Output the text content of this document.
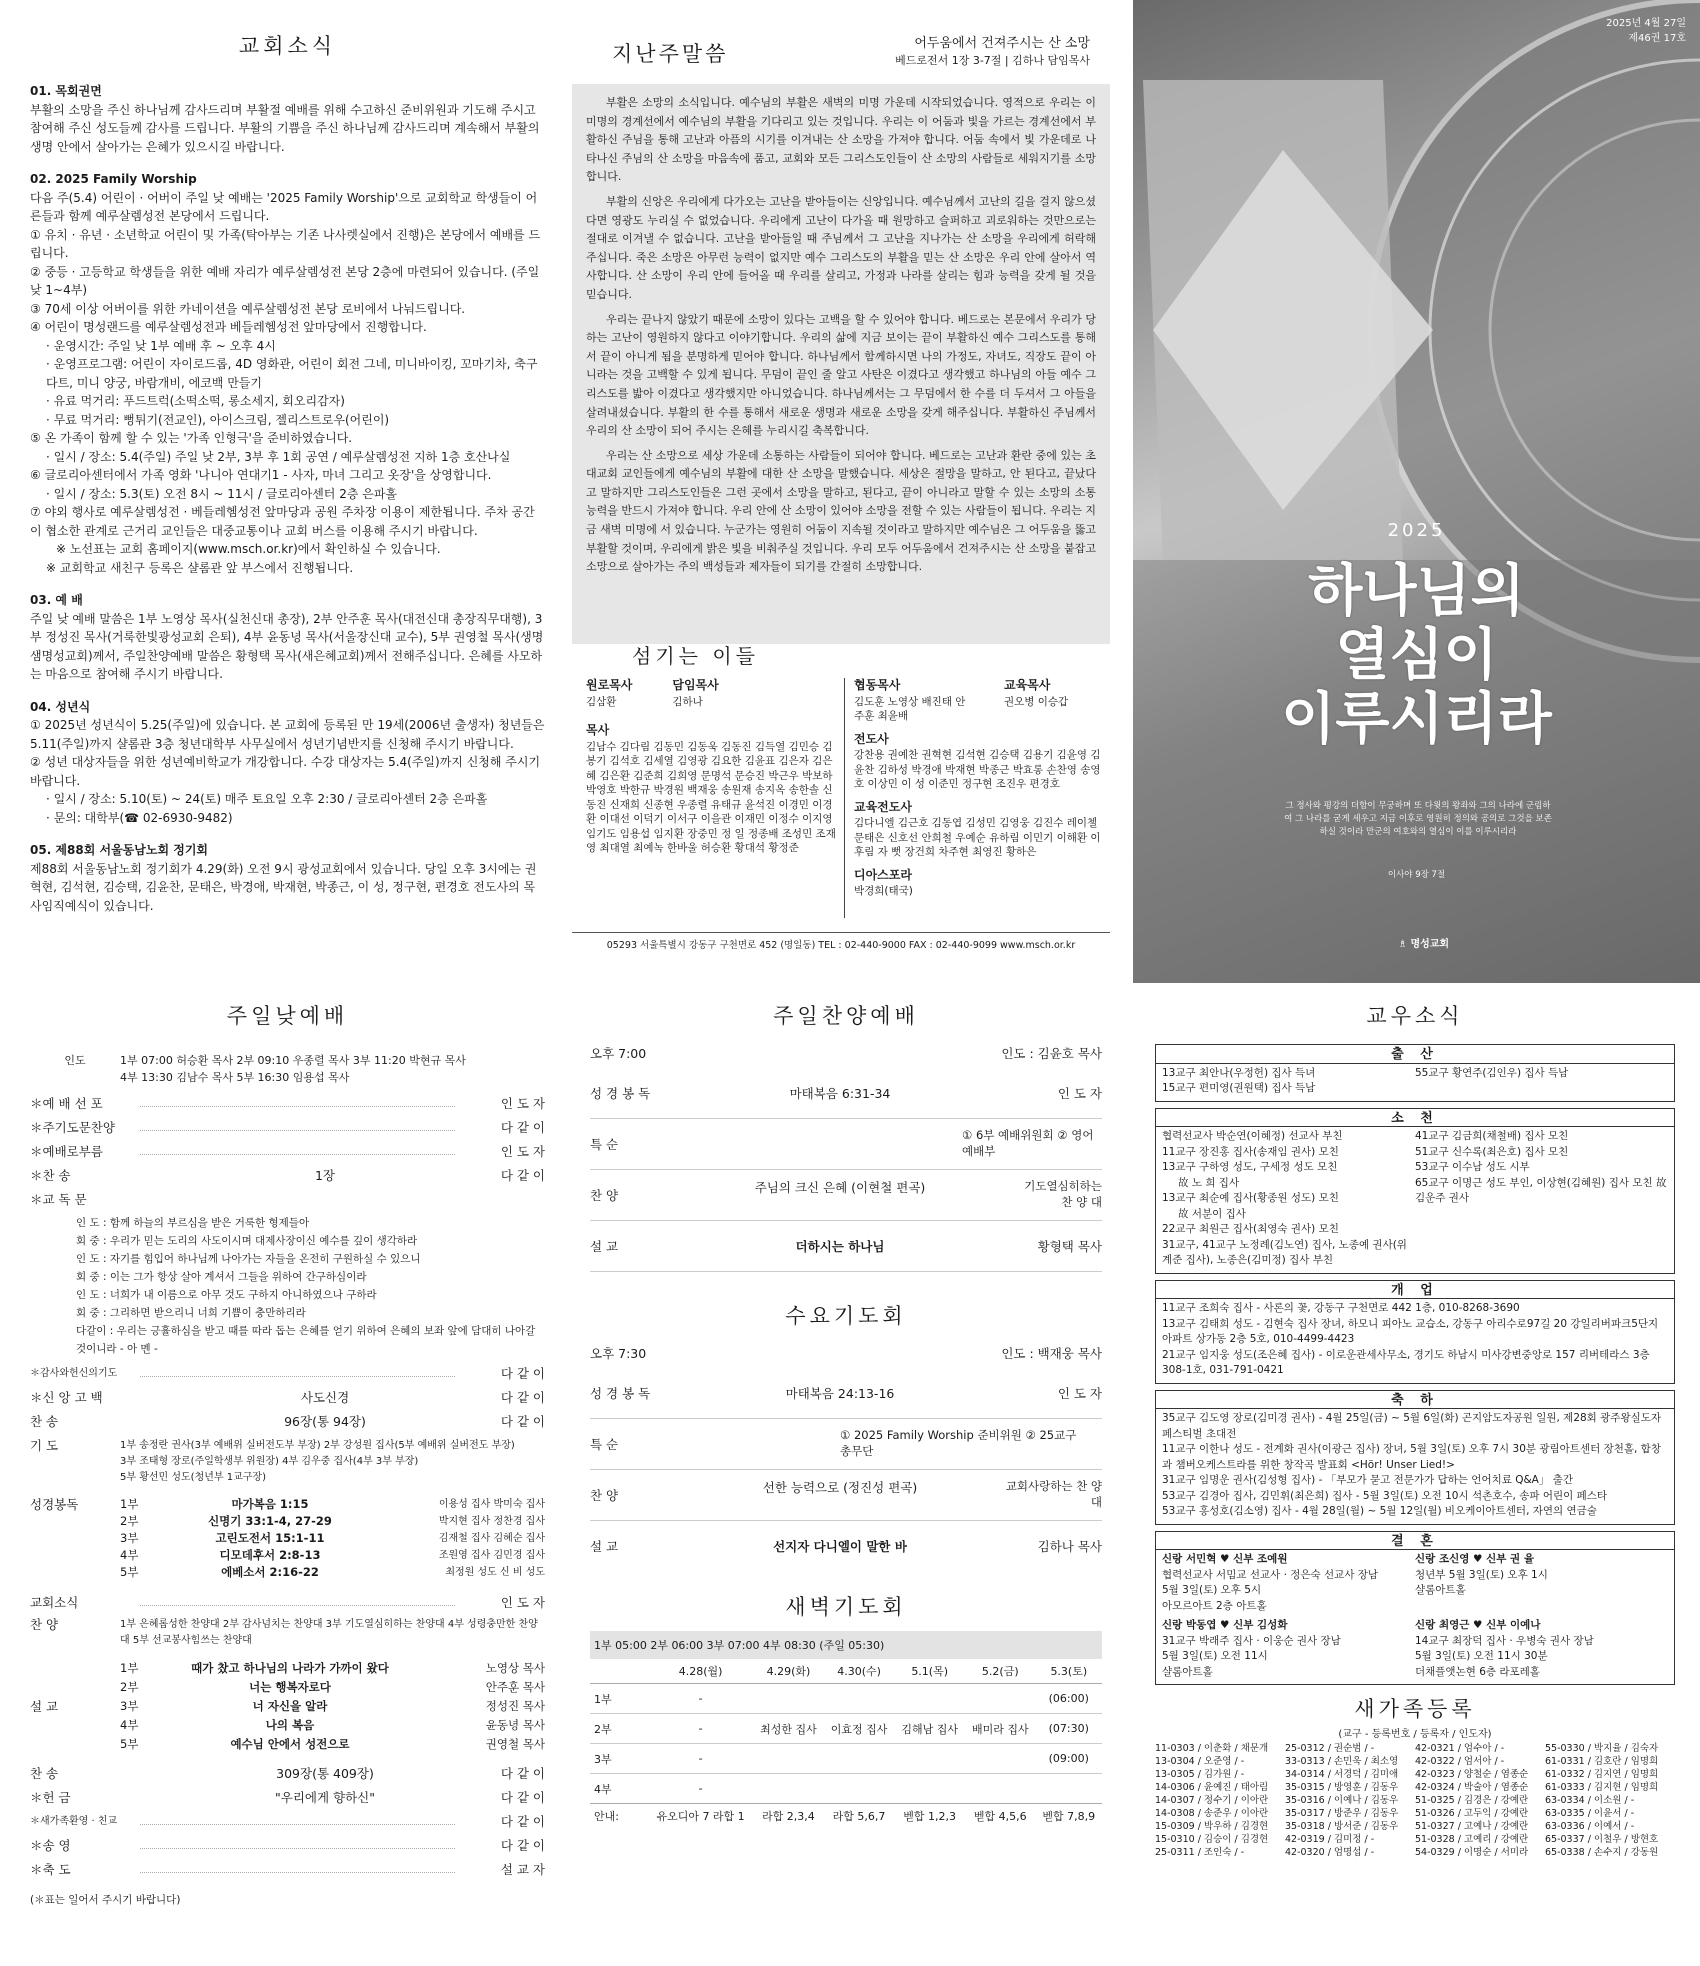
교회소식
01. 목회권면
부활의 소망을 주신 하나님께 감사드리며 부활절 예배를 위해 수고하신 준비위원과 기도해 주시고 참여해 주신 성도들께 감사를 드립니다. 부활의 기쁨을 주신 하나님께 감사드리며 계속해서 부활의 생명 안에서 살아가는 은혜가 있으시길 바랍니다.
02. 2025 Family Worship
다음 주(5.4) 어린이 · 어버이 주일 낮 예배는 '2025 Family Worship'으로 교회학교 학생들이 어른들과 함께 예루살렘성전 본당에서 드립니다.
① 유치 · 유년 · 소년학교 어린이 및 가족(탁아부는 기존 나사렛실에서 진행)은 본당에서 예배를 드립니다.
② 중등 · 고등학교 학생들을 위한 예배 자리가 예루살렘성전 본당 2층에 마련되어 있습니다. (주일 낮 1~4부)
③ 70세 이상 어버이를 위한 카네이션을 예루살렘성전 본당 로비에서 나눠드립니다.
④ 어린이 명성랜드를 예루살렘성전과 베들레헴성전 앞마당에서 진행합니다.
· 운영시간: 주일 낮 1부 예배 후 ~ 오후 4시
· 운영프로그램: 어린이 자이로드롭, 4D 영화관, 어린이 회전 그네, 미니바이킹, 꼬마기차, 축구다트, 미니 양궁, 바람개비, 에코백 만들기
· 유료 먹거리: 푸드트럭(소떡소떡, 롱소세지, 회오리감자)
· 무료 먹거리: 뻥튀기(전교인), 아이스크림, 젤리스트로우(어린이)
⑤ 온 가족이 함께 할 수 있는 '가족 인형극'을 준비하였습니다.
· 일시 / 장소: 5.4(주일) 주일 낮 2부, 3부 후 1회 공연 / 예루살렘성전 지하 1층 호산나실
⑥ 글로리아센터에서 가족 영화 '나니아 연대기1 - 사자, 마녀 그리고 옷장'을 상영합니다.
· 일시 / 장소: 5.3(토) 오전 8시 ~ 11시 / 글로리아센터 2층 은파홀
⑦ 야외 행사로 예루살렘성전 · 베들레헴성전 앞마당과 공원 주차장 이용이 제한됩니다. 주차 공간이 협소한 관계로 근거리 교인들은 대중교통이나 교회 버스를 이용해 주시기 바랍니다.
※ 노선표는 교회 홈페이지(www.msch.or.kr)에서 확인하실 수 있습니다.
※ 교회학교 새친구 등록은 샬롬관 앞 부스에서 진행됩니다.
03. 예 배
주일 낮 예배 말씀은 1부 노영상 목사(실천신대 총장), 2부 안주훈 목사(대전신대 총장직무대행), 3부 정성진 목사(거룩한빛광성교회 은퇴), 4부 윤동녕 목사(서울장신대 교수), 5부 권영철 목사(생명샘명성교회)께서, 주일찬양예배 말씀은 황형택 목사(새은혜교회)께서 전해주십니다. 은혜를 사모하는 마음으로 참여해 주시기 바랍니다.
04. 성년식
① 2025년 성년식이 5.25(주일)에 있습니다. 본 교회에 등록된 만 19세(2006년 출생자) 청년들은 5.11(주일)까지 샬롬관 3층 청년대학부 사무실에서 성년기념반지를 신청해 주시기 바랍니다.
② 성년 대상자들을 위한 성년예비학교가 개강합니다. 수강 대상자는 5.4(주일)까지 신청해 주시기 바랍니다.
· 일시 / 장소: 5.10(토) ~ 24(토) 매주 토요일 오후 2:30 / 글로리아센터 2층 은파홀
· 문의: 대학부(☎ 02-6930-9482)
05. 제88회 서울동남노회 정기회
제88회 서울동남노회 정기회가 4.29(화) 오전 9시 광성교회에서 있습니다. 당일 오후 3시에는 권혁현, 김석현, 김승택, 김윤찬, 문태은, 박경애, 박재현, 박종근, 이 성, 정구현, 편경호 전도사의 목사임직예식이 있습니다.
지난주말씀	어두움에서 건져주시는 산 소망
베드로전서 1장 3-7절 | 김하나 담임목사

부활은 소망의 소식입니다. 예수님의 부활은 새벽의 미명 가운데 시작되었습니다. 영적으로 우리는 이 미명의 경계선에서 예수님의 부활을 기다리고 있는 것입니다. 우리는 이 어둠과 빛을 가르는 경계선에서 부활하신 주님을 통해 고난과 아픔의 시기를 이겨내는 산 소망을 가져야 합니다. 어둠 속에서 빛 가운데로 나타나신 주님의 산 소망을 마음속에 품고, 교회와 모든 그리스도인들이 산 소망의 사람들로 세워지기를 소망합니다.

부활의 신앙은 우리에게 다가오는 고난을 받아들이는 신앙입니다. 예수님께서 고난의 길을 걸지 않으셨다면 영광도 누리실 수 없었습니다. 우리에게 고난이 다가올 때 원망하고 슬퍼하고 괴로워하는 것만으로는 절대로 이겨낼 수 없습니다. 고난을 받아들일 때 주님께서 그 고난을 지나가는 산 소망을 우리에게 허락해 주십니다. 죽은 소망은 아무런 능력이 없지만 예수 그리스도의 부활을 믿는 산 소망은 우리 안에 살아서 역사합니다. 산 소망이 우리 안에 들어올 때 우리를 살리고, 가정과 나라를 살리는 힘과 능력을 갖게 될 것을 믿습니다.

우리는 끝나지 않았기 때문에 소망이 있다는 고백을 할 수 있어야 합니다. 베드로는 본문에서 우리가 당하는 고난이 영원하지 않다고 이야기합니다. 우리의 삶에 지금 보이는 끝이 부활하신 예수 그리스도를 통해서 끝이 아니게 됨을 분명하게 믿어야 합니다. 하나님께서 함께하시면 나의 가정도, 자녀도, 직장도 끝이 아니라는 것을 고백할 수 있게 됩니다. 무덤이 끝인 줄 알고 사탄은 이겼다고 생각했고 하나님의 아들 예수 그리스도를 밟아 이겼다고 생각했지만 아니었습니다. 하나님께서는 그 무덤에서 한 수를 더 두셔서 그 아들을 살려내셨습니다. 부활의 한 수를 통해서 새로운 생명과 새로운 소망을 갖게 해주십니다. 부활하신 주님께서 우리의 산 소망이 되어 주시는 은혜를 누리시길 축복합니다.

우리는 산 소망으로 세상 가운데 소통하는 사람들이 되어야 합니다. 베드로는 고난과 환란 중에 있는 초대교회 교인들에게 예수님의 부활에 대한 산 소망을 말했습니다. 세상은 절망을 말하고, 안 된다고, 끝났다고 말하지만 그리스도인들은 그런 곳에서 소망을 말하고, 된다고, 끝이 아니라고 말할 수 있는 소망의 소통 능력을 반드시 가져야 합니다. 우리 안에 산 소망이 있어야 소망을 전할 수 있는 사람들이 됩니다. 우리는 지금 새벽 미명에 서 있습니다. 누군가는 영원히 어둠이 지속될 것이라고 말하지만 예수님은 그 어두움을 뚫고 부활할 것이며, 우리에게 밝은 빛을 비춰주실 것입니다. 우리 모두 어두움에서 건져주시는 산 소망을 붙잡고 소망으로 살아가는 주의 백성들과 제자들이 되기를 간절히 소망합니다.

섬기는 이들
원로목사
김삼환
담임목사
김하나
목사
김남수 김다림 김동민 김동욱 김동진 김득열 김민승 김봉기 김석호 김세열 김영광 김요한 김윤표 김은자 김은혜 김은환 김준희 김희영 문명석 문승진 박근우 박보하 박영호 박한규 박경원 백재웅 송원재 송지옥 송한솔 신동진 신재희 신종현 우종렬 유태규 윤석진 이경민 이경환 이대선 이덕기 이서구 이을관 이재민 이정수 이지영 임기도 임용섭 임지환 장중민 정 일 정종배 조성민 조재영 최대열 최예녹 한바울 허승환 황대석 황정준
협동목사
김도훈 노영상 배진태 안주훈 최윤배
교육목사
권오병 이승갑
전도사
강찬용 권예찬 권혁현 김석현 김승택 김용기 김윤영 김윤찬 김하성 박경애 박재현 박종근 박효롱 손찬영 송영호 이상민 이 성 이준민 정구현 조진우 편경호
교육전도사
김다니엘 김근호 김동엽 김성민 김영웅 김진수 레이첼 문태은 신호선 안희철 우예순 유하림 이민기 이해환 이후림 자 뻣 장건희 차주현 최영진 황하은
디아스포라
박경희(태국)
05293 서울특별시 강동구 구천면로 452 (명일동) TEL : 02-440-9000 FAX : 02-440-9099 www.msch.or.kr
2025년 4월 27일 제46권 17호
2025
하나님의
열심이
이루시리라
그 정사와 평강의 더함이 무궁하며 또 다윗의 왕좌와 그의 나라에 군림하여 그 나라를 굳게 세우고 지금 이후로 영원히 정의와 공의로 그것을 보존하실 것이라 만군의 여호와의 열심이 이를 이루시리라
이사야 9장 7절
♗ 명성교회
주일낮예배
인도	1부 07:00 허승환 목사 2부 09:10 우종렬 목사 3부 11:20 박현규 목사
4부 13:30 김남수 목사 5부 16:30 임용섭 목사
＊예 배 선 포	인 도 자
＊주기도문찬양	다 같 이
＊예배로부름	인 도 자
＊찬 송	1장	다 같 이
＊교 독 문
인 도 : 함께 하늘의 부르심을 받은 거룩한 형제들아
회 중 : 우리가 믿는 도리의 사도이시며 대제사장이신 예수를 깊이 생각하라
인 도 : 자기를 힘입어 하나님께 나아가는 자들을 온전히 구원하실 수 있으니
회 중 : 이는 그가 항상 살아 계셔서 그들을 위하여 간구하심이라
인 도 : 너희가 내 이름으로 아무 것도 구하지 아니하였으나 구하라
회 중 : 그리하면 받으리니 너희 기쁨이 충만하리라
다같이 : 우리는 긍휼하심을 받고 때를 따라 돕는 은혜를 얻기 위하여 은혜의 보좌 앞에 담대히 나아갈 것이니라 - 아 멘 -
＊감사와헌신의기도	다 같 이
＊신 앙 고 백	사도신경	다 같 이
찬 송	96장(통 94장)	다 같 이
기 도	1부 송정란 권사(3부 예배위 실버전도부 부장) 2부 강성원 집사(5부 예배위 실버전도 부장)
3부 조태형 장로(주일학생부 위원장) 4부 김우중 집사(4부 3부 부장)
5부 황선민 성도(청년부 1교구장)
성경봉독	1부	마가복음 1:15	이용성 집사 박미숙 집사
2부	신명기 33:1-4, 27-29	박지현 집사 정찬경 집사
3부	고린도전서 15:1-11	김재철 집사 김혜순 집사
4부	디모데후서 2:8-13	조원영 집사 김민경 집사
5부	에베소서 2:16-22	최정원 성도 신 비 성도
교회소식	인 도 자
찬 양	1부 은혜롭성한 찬양대 2부 감사넘치는 찬양대 3부 기도열심히하는 찬양대 4부 성령충만한 찬양대 5부 선교봉사힘쓰는 찬양대
설 교
1부	때가 찼고 하나님의 나라가 가까이 왔다	노영상 목사
2부	너는 행복자로다	안주훈 목사
3부	너 자신을 알라	정성진 목사
4부	나의 복음	윤동녕 목사
5부	예수님 안에서 성전으로	권영철 목사
찬 송	309장(통 409장)	다 같 이
＊헌 금	"우리에게 향하신"	다 같 이
＊새가족환영 · 친교	다 같 이
＊송 영	다 같 이
＊축 도	설 교 자
(＊표는 일어서 주시기 바랍니다)
주일찬양예배
오후 7:00	인도 : 김윤호 목사
성 경 봉 독	마태복음 6:31-34	인 도 자
특 순
① 6부 예배위원회 ② 영어예배부
찬 양
주님의 크신 은혜 (이현철 편곡)	기도열심히하는 찬 양 대
설 교	더하시는 하나님	황형택 목사
수요기도회
오후 7:30	인도 : 백재웅 목사
성 경 봉 독	마태복음 24:13-16	인 도 자
특 순
① 2025 Family Worship 준비위원 ② 25교구 총무단
찬 양
선한 능력으로 (정진성 편곡)	교회사랑하는 찬 양 대
설 교	선지자 다니엘이 말한 바	김하나 목사
새벽기도회
1부 05:00 2부 06:00 3부 07:00 4부 08:30 (주일 05:30)
	4.28(월)	4.29(화)	4.30(수)	5.1(목)	5.2(금)	5.3(토)
1부	-					(06:00)
2부	-	최성한 집사	이효정 집사	김해남 집사	배미라 집사	(07:30)
3부	-					(09:00)
4부	-					
안내:	유오디아 7 라합 1	라합 2,3,4	라합 5,6,7	벧합 1,2,3	벧합 4,5,6	벧합 7,8,9
교우소식
출 산
13교구 최안나(우정헌) 집사 득녀
15교구 편미영(권원택) 집사 득남
55교구 황연주(김인우) 집사 득남
소 천
협력선교사 박순연(이혜정) 선교사 부친
11교구 장진홍 집사(송재임 권사) 모친
13교구 구하영 성도, 구세정 성도 모친
故 노 희 집사
13교구 최순예 집사(황종원 성도) 모친
故 서분이 집사
22교구 최원근 집사(최영숙 권사) 모친
31교구, 41교구 노정례(김노연) 집사, 노종예 권사(위계준 집사), 노종은(김미정) 집사 부친
41교구 김금희(채철배) 집사 모친
51교구 신수록(최은호) 집사 모친
53교구 이수남 성도 시부
65교구 이명근 성도 부인, 이상현(김혜원) 집사 모친 故 김운주 권사
개 업
11교구 조희숙 집사 - 사론의 꽃, 강동구 구천면로 442 1층, 010-8268-3690
13교구 김태희 성도 - 김현숙 집사 장녀, 하모니 피아노 교습소, 강동구 아리수로97길 20 강일리버파크5단지아파트 상가동 2층 5호, 010-4499-4423
21교구 임지웅 성도(조은혜 집사) - 이로운관세사무소, 경기도 하남시 미사강변중앙로 157 리버테라스 3층 308-1호, 031-791-0421
축 하
35교구 김도영 장로(김미경 권사) - 4월 25일(금) ~ 5월 6일(화) 곤지암도자공원 일원, 제28회 광주왕실도자페스티벌 초대전
11교구 이한나 성도 - 전계화 권사(이광근 집사) 장녀, 5월 3일(토) 오후 7시 30분 광림아트센터 장천홀, 합창과 챔버오케스트라를 위한 창작곡 발표회 <Hör! Unser Lied!>
31교구 임명운 권사(김성형 집사) - 「부모가 묻고 전문가가 답하는 언어치료 Q&A」 출간
53교구 김경아 집사, 김민휘(최은희) 집사 - 5월 3일(토) 오전 10시 석촌호수, 송파 어린이 페스타
53교구 홍성호(김소영) 집사 - 4월 28일(월) ~ 5월 12일(월) 비오케이아트센터, 자연의 연금술
결 혼
신랑 서민혁 ♥ 신부 조예원
협력선교사 서밈교 선교사 · 정은숙 선교사 장남
5월 3일(토) 오후 5시
아모르아트 2층 아트홀
신랑 박동엽 ♥ 신부 김성화
31교구 박래주 집사 · 이웅순 권사 장남
5월 3일(토) 오전 11시
샬롬아트홀
신랑 조신영 ♥ 신부 권 율
청년부 5월 3일(토) 오후 1시
샬롬아트홀
신랑 최영근 ♥ 신부 이예나
14교구 최장덕 집사 · 우병숙 권사 장남
5월 3일(토) 오전 11시 30분
더채플앳논현 6층 라포레홀
새가족등록
(교구 - 등록번호 / 등록자 / 인도자)
11-0303 / 이춘화 / 채문개
13-0304 / 오준영 / -
13-0305 / 김가원 / -
14-0306 / 윤예진 / 태아림
14-0307 / 정수기 / 이아란
14-0308 / 송준우 / 이아란
15-0309 / 박우하 / 김경현
15-0310 / 김승이 / 김경현
25-0311 / 조인숙 / -
25-0312 / 권순범 / -
33-0313 / 손민욱 / 최소영
34-0314 / 서경덕 / 김미애
35-0315 / 방영훈 / 김동우
35-0316 / 이예나 / 김동우
35-0317 / 방준우 / 김동우
35-0318 / 방서준 / 김동우
42-0319 / 김미정 / -
42-0320 / 엄명섭 / -
42-0321 / 엄수아 / -
42-0322 / 엄서아 / -
42-0323 / 양철순 / 염종순
42-0324 / 박술아 / 염종순
51-0325 / 김경은 / 강예란
51-0326 / 고두익 / 강예란
51-0327 / 고예나 / 강예란
51-0328 / 고예리 / 강예란
54-0329 / 이명순 / 서미라
55-0330 / 박지율 / 김숙자
61-0331 / 김호란 / 임명희
61-0332 / 김지연 / 임명희
61-0333 / 김지현 / 임명희
63-0334 / 이소원 / -
63-0335 / 이윤서 / -
63-0336 / 이예서 / -
65-0337 / 이철우 / 방현호
65-0338 / 손수지 / 강동원
